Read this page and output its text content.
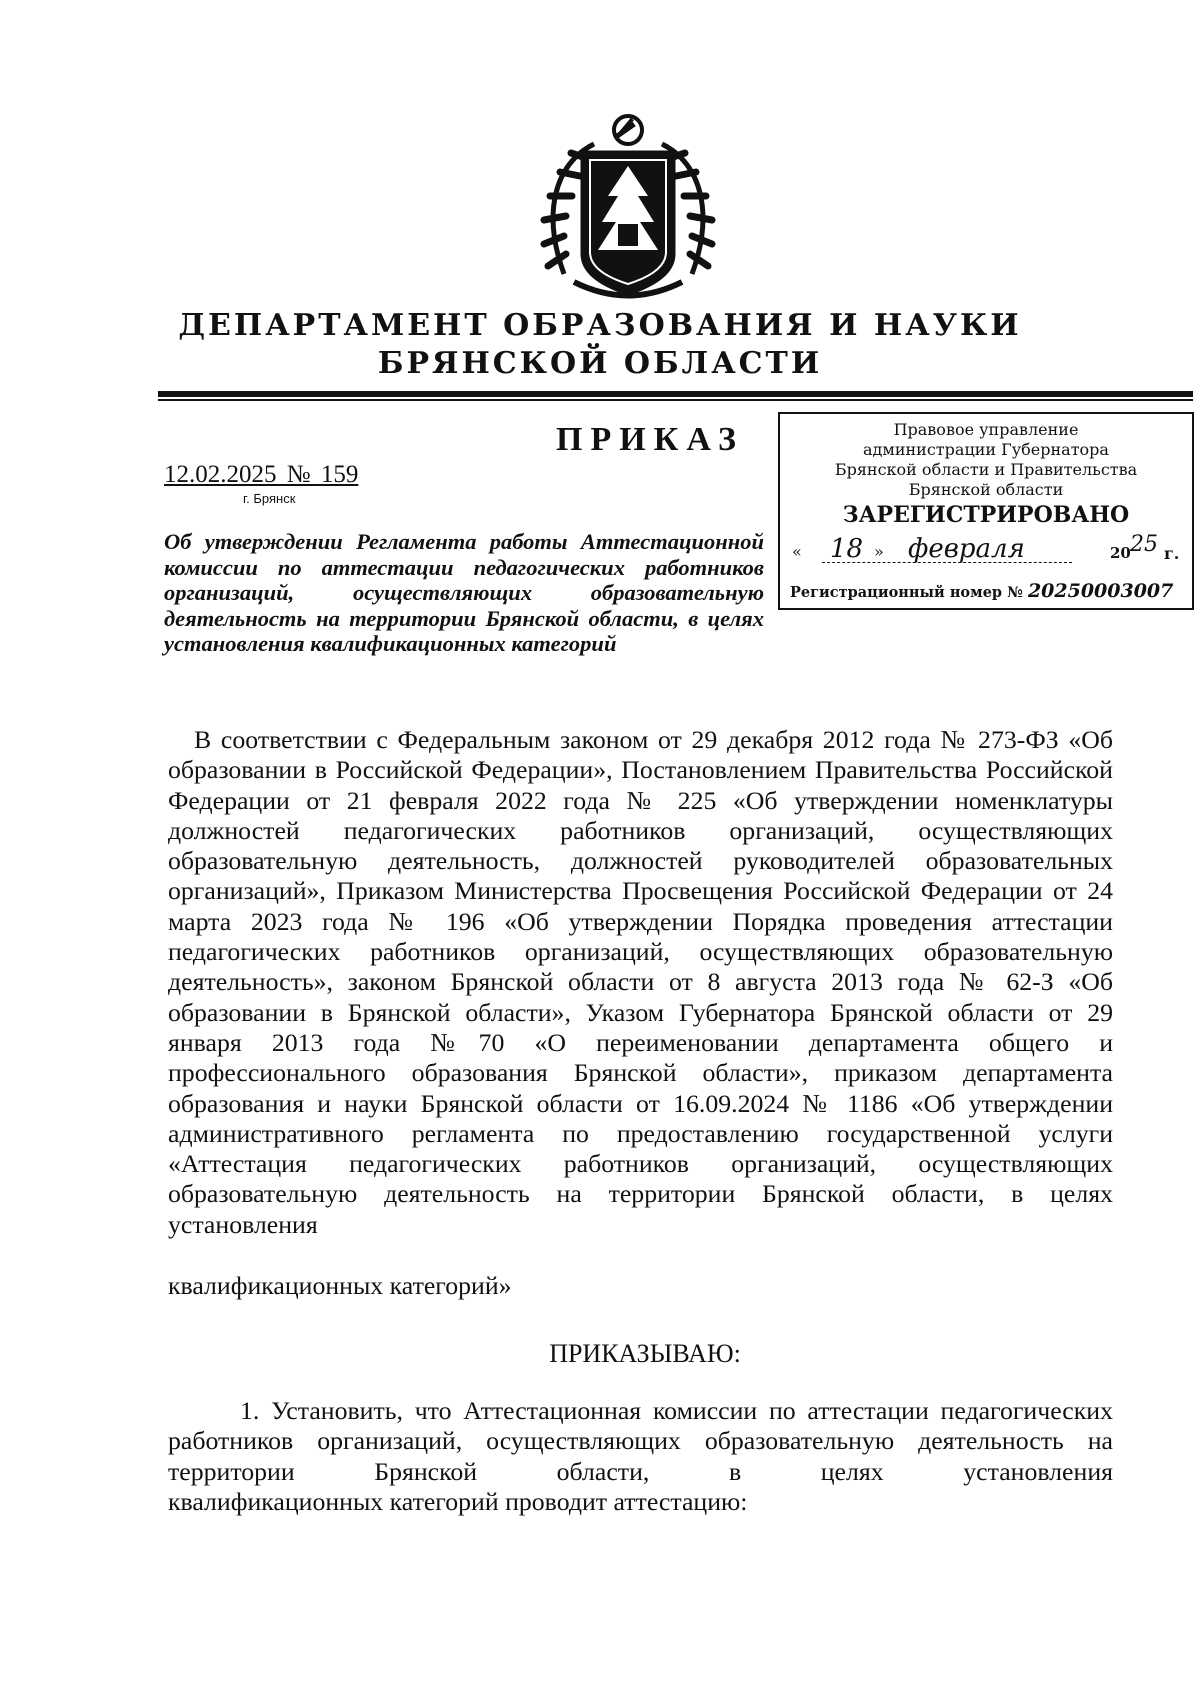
ДЕПАРТАМЕНТ ОБРАЗОВАНИЯ И НАУКИ
БРЯНСКОЙ ОБЛАСТИ
ПРИКАЗ
12.02.2025 № 159
г. Брянск
Об утверждении Регламента работы Аттестационной комиссии по аттестации педагогических работников организаций, осуществляющих образовательную деятельность на территории Брянской области, в целях установления квалификационных категорий
Правовое управление
администрации Губернатора
Брянской области и Правительства
Брянской области
ЗАРЕГИСТРИРОВАНО
« 18 » февраля	20 25 г.
Регистрационный номер № 20250003007
В соответствии с Федеральным законом от 29 декабря 2012 года № 273-ФЗ «Об образовании в Российской Федерации», Постановлением Правительства Российской Федерации от 21 февраля 2022 года № 225 «Об утверждении номенклатуры должностей педагогических работников организаций, осуществляющих образовательную деятельность, должностей руководителей образовательных организаций», Приказом Министерства Просвещения Российской Федерации от 24 марта 2023 года № 196 «Об утверждении Порядка проведения аттестации педагогических работников организаций, осуществляющих образовательную деятельность», законом Брянской области от 8 августа 2013 года № 62-З «Об образовании в Брянской области», Указом Губернатора Брянской области от 29 января 2013 года №70 «О переименовании департамента общего и профессионального образования Брянской области», приказом департамента образования и науки Брянской области от 16.09.2024 № 1186 «Об утверждении административного регламента по предоставлению государственной услуги «Аттестация педагогических работников организаций, осуществляющих образовательную деятельность на территории Брянской области, в целях установления
квалификационных категорий»
ПРИКАЗЫВАЮ:
1. Установить, что Аттестационная комиссии по аттестации педагогических работников организаций, осуществляющих образовательную деятельность на территории Брянской области, в целях установления
квалификационных категорий проводит аттестацию:
